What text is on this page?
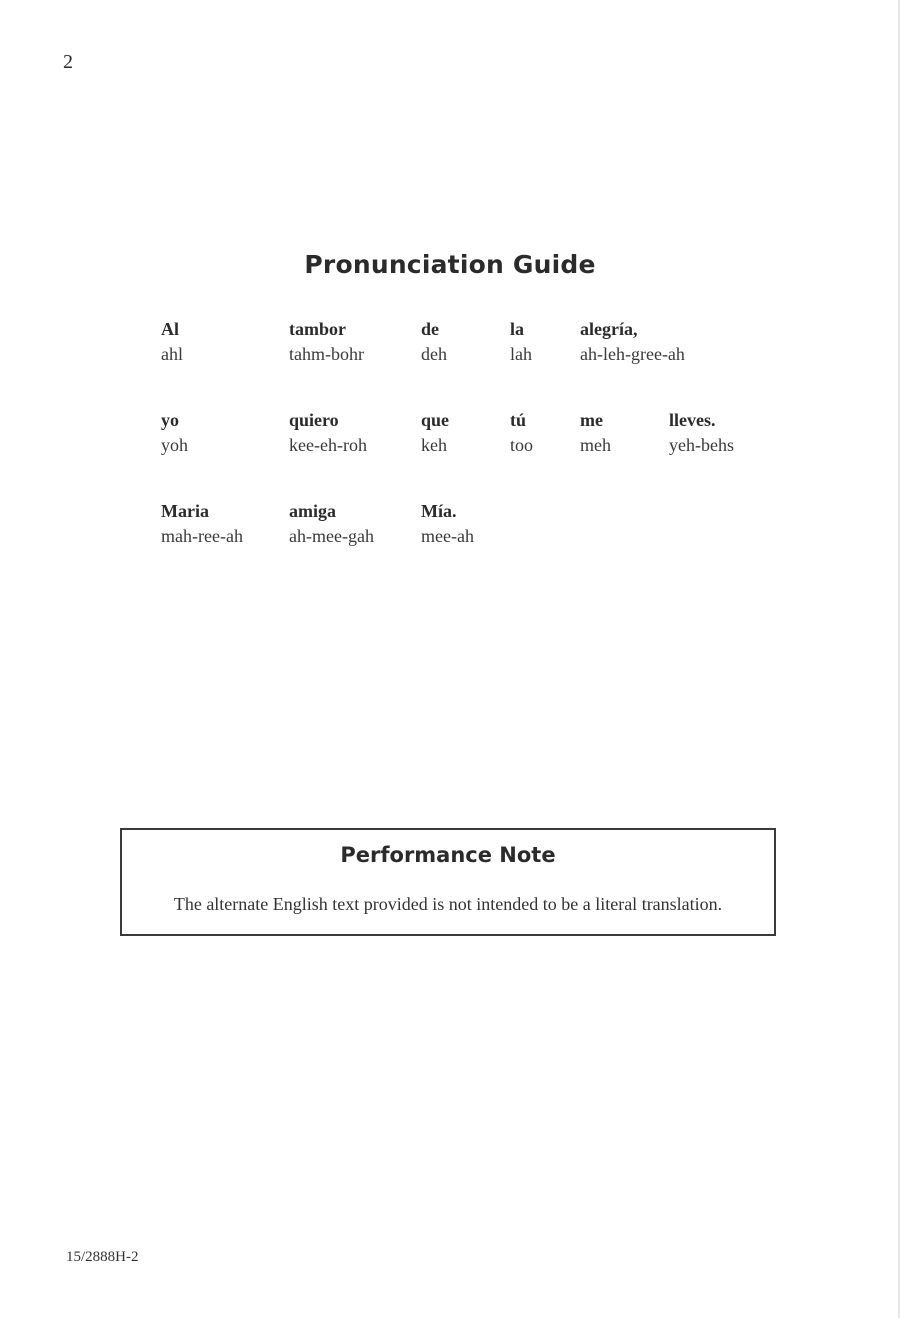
2
Pronunciation Guide
Al
ahl
tambor
tahm-bohr
de
deh
la
lah
alegría,
ah-leh-gree-ah
yo
yoh
quiero
kee-eh-roh
que
keh
tú
too
me
meh
lleves.
yeh-behs
Maria
mah-ree-ah
amiga
ah-mee-gah
Mía.
mee-ah
Performance Note
The alternate English text provided is not intended to be a literal translation.
15/2888H-2
